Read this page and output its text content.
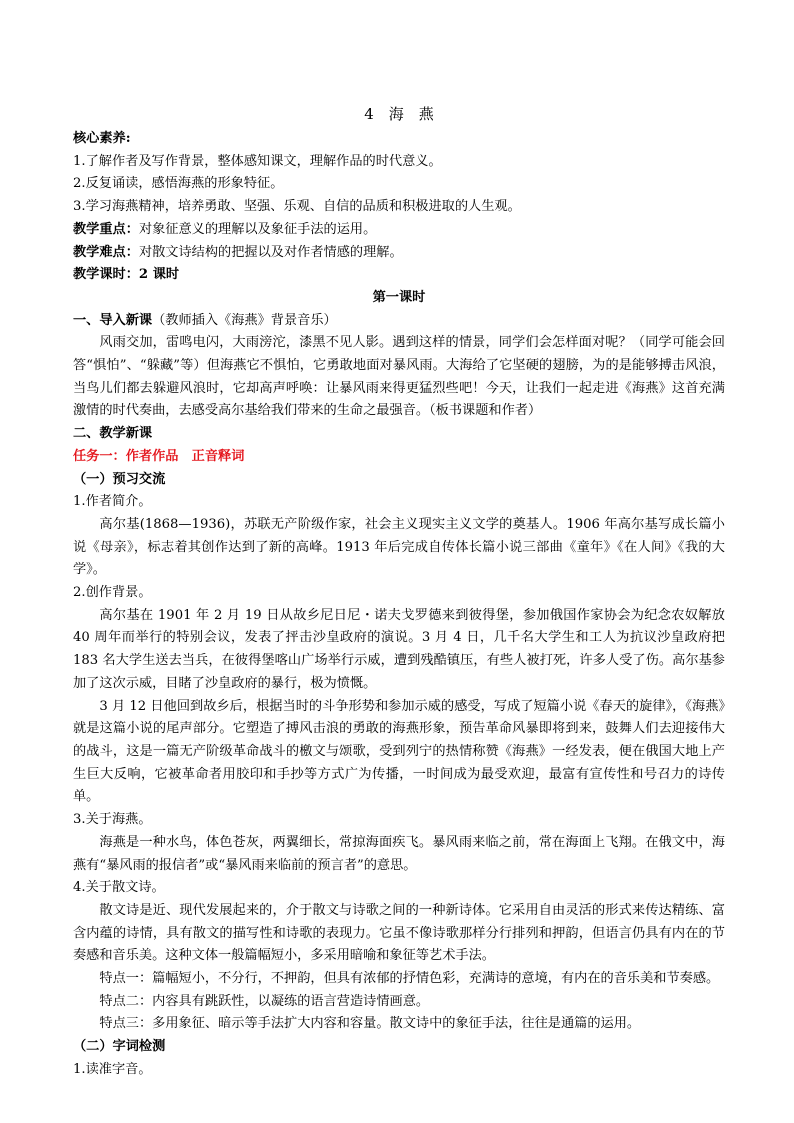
4　海　燕
核心素养:
1.了解作者及写作背景，整体感知课文，理解作品的时代意义。
2.反复诵读，感悟海燕的形象特征。
3.学习海燕精神，培养勇敢、坚强、乐观、自信的品质和积极进取的人生观。
教学重点：对象征意义的理解以及象征手法的运用。
教学难点：对散文诗结构的把握以及对作者情感的理解。
教学课时：2 课时
第一课时
一、导入新课（教师插入《海燕》背景音乐）

风雨交加，雷鸣电闪，大雨滂沱，漆黑不见人影。遇到这样的情景，同学们会怎样面对呢？（同学可能会回答“惧怕”、“躲藏”等）但海燕它不惧怕，它勇敢地面对暴风雨。大海给了它坚硬的翅膀，为的是能够搏击风浪，当鸟儿们都去躲避风浪时，它却高声呼唤：让暴风雨来得更猛烈些吧！今天，让我们一起走进《海燕》这首充满激情的时代奏曲，去感受高尔基给我们带来的生命之最强音。（板书课题和作者）

二、教学新课
任务一：作者作品　正音释词
（一）预习交流
1.作者简介。

高尔基(1868—1936)，苏联无产阶级作家，社会主义现实主义文学的奠基人。1906 年高尔基写成长篇小说《母亲》，标志着其创作达到了新的高峰。1913 年后完成自传体长篇小说三部曲《童年》《在人间》《我的大学》。

2.创作背景。

高尔基在 1901 年 2 月 19 日从故乡尼日尼・诺夫戈罗德来到彼得堡，参加俄国作家协会为纪念农奴解放 40 周年而举行的特别会议，发表了抨击沙皇政府的演说。3 月 4 日，几千名大学生和工人为抗议沙皇政府把 183 名大学生送去当兵，在彼得堡喀山广场举行示威，遭到残酷镇压，有些人被打死，许多人受了伤。高尔基参加了这次示威，目睹了沙皇政府的暴行，极为愤慨。

3 月 12 日他回到故乡后，根据当时的斗争形势和参加示威的感受，写成了短篇小说《春天的旋律》，《海燕》就是这篇小说的尾声部分。它塑造了搏风击浪的勇敢的海燕形象，预告革命风暴即将到来，鼓舞人们去迎接伟大的战斗，这是一篇无产阶级革命战斗的檄文与颂歌，受到列宁的热情称赞《海燕》一经发表，便在俄国大地上产生巨大反响，它被革命者用胶印和手抄等方式广为传播，一时间成为最受欢迎，最富有宣传性和号召力的诗传单。

3.关于海燕。

海燕是一种水鸟，体色苍灰，两翼细长，常掠海面疾飞。暴风雨来临之前，常在海面上飞翔。在俄文中，海燕有“暴风雨的报信者”或“暴风雨来临前的预言者”的意思。

4.关于散文诗。

散文诗是近、现代发展起来的，介于散文与诗歌之间的一种新诗体。它采用自由灵活的形式来传达精练、富含内蕴的诗情，具有散文的描写性和诗歌的表现力。它虽不像诗歌那样分行排列和押韵，但语言仍具有内在的节奏感和音乐美。这种文体一般篇幅短小，多采用暗喻和象征等艺术手法。

特点一：篇幅短小，不分行，不押韵，但具有浓郁的抒情色彩，充满诗的意境，有内在的音乐美和节奏感。

特点二：内容具有跳跃性，以凝练的语言营造诗情画意。

特点三：多用象征、暗示等手法扩大内容和容量。散文诗中的象征手法，往往是通篇的运用。

（二）字词检测
1.读准字音。
